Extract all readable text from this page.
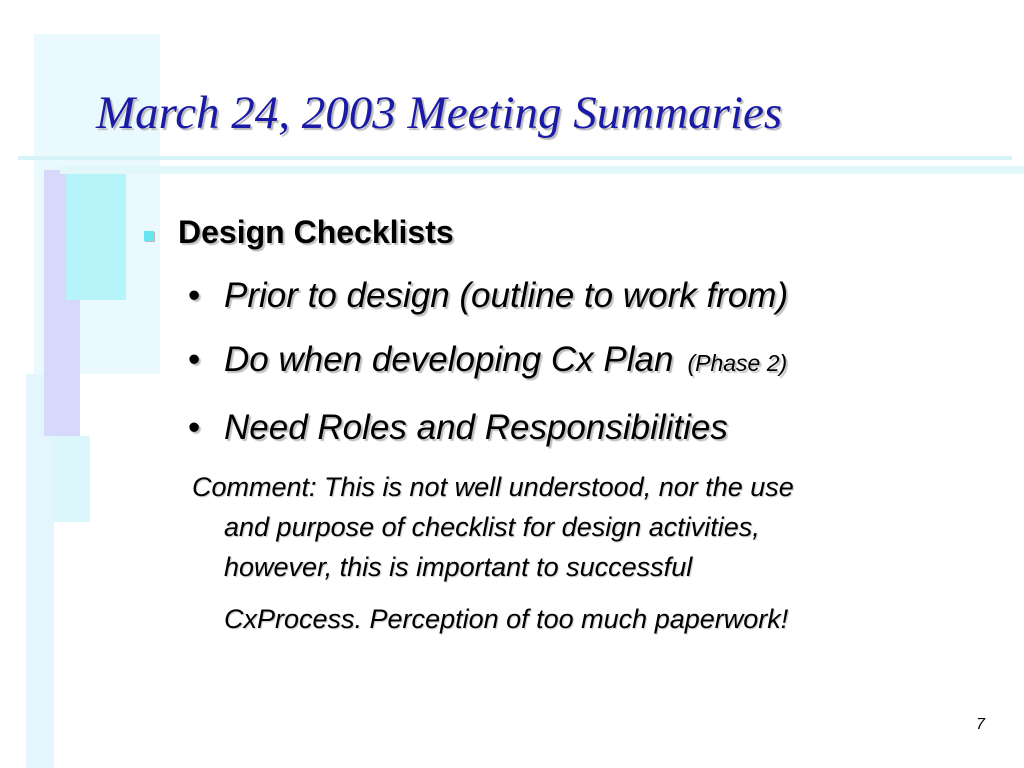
March 24, 2003 Meeting Summaries
Design Checklists
• Prior to design (outline to work from)
• Do when developing Cx Plan (Phase 2)
• Need Roles and Responsibilities

Comment: This is not well understood, nor the use
and purpose of checklist for design activities,
however, this is important to successful
CxProcess. Perception of too much paperwork!

7
